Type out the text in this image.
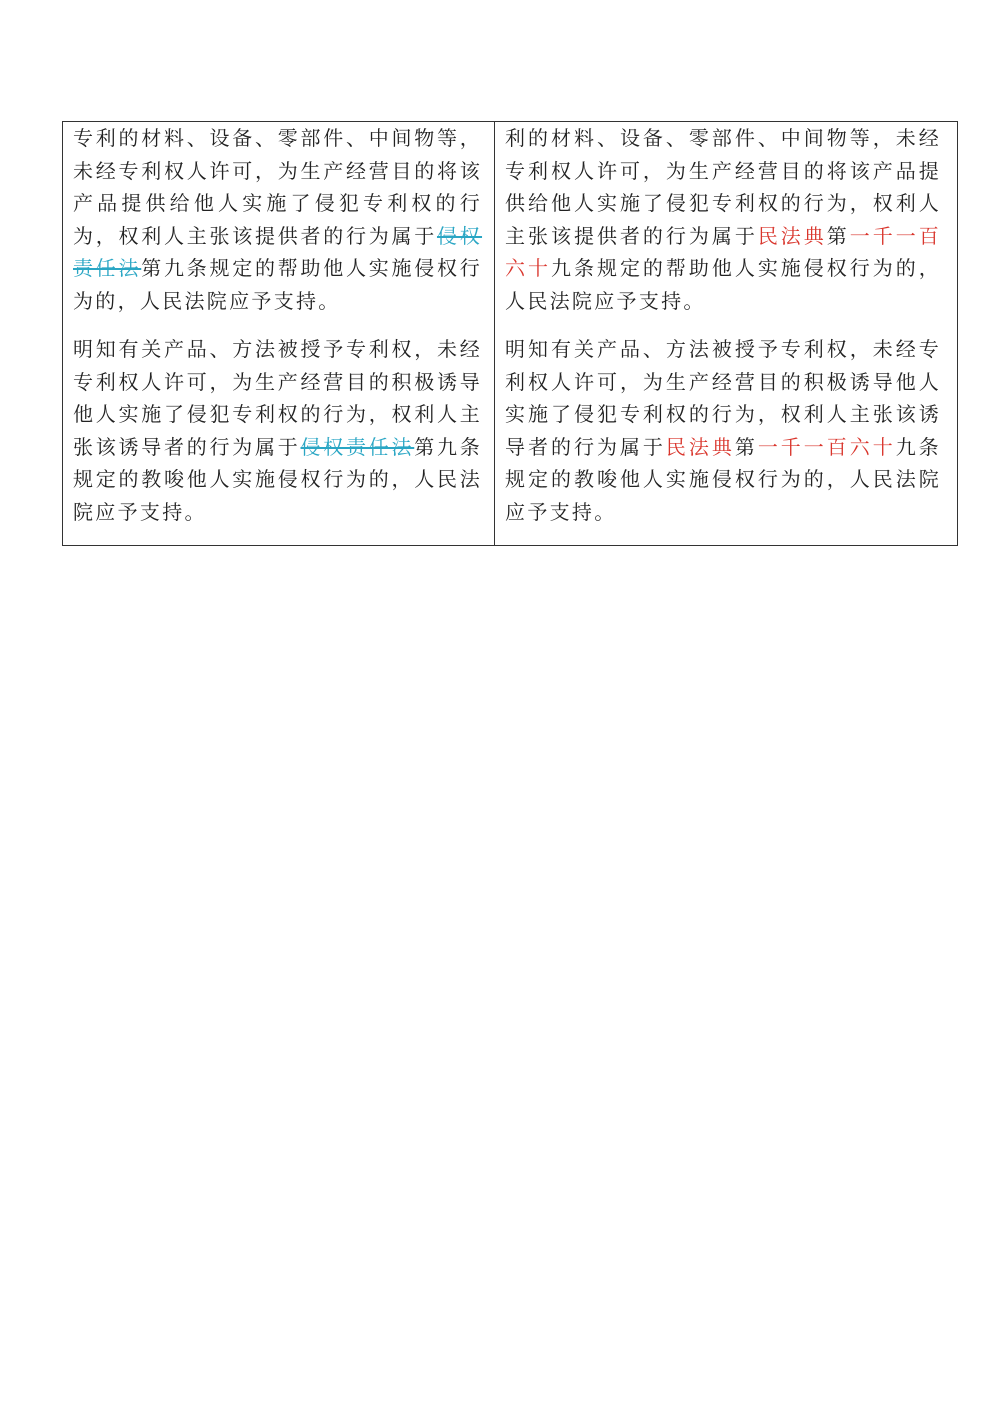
专利的材料、设备、零部件、中间物等，未经专利权人许可，为生产经营目的将该产品提供给他人实施了侵犯专利权的行为，权利人主张该提供者的行为属于侵权责任法第九条规定的帮助他人实施侵权行为的，人民法院应予支持。

明知有关产品、方法被授予专利权，未经专利权人许可，为生产经营目的积极诱导他人实施了侵犯专利权的行为，权利人主张该诱导者的行为属于侵权责任法第九条规定的教唆他人实施侵权行为的，人民法院应予支持。

利的材料、设备、零部件、中间物等，未经专利权人许可，为生产经营目的将该产品提供给他人实施了侵犯专利权的行为，权利人主张该提供者的行为属于民法典第一千一百六十九条规定的帮助他人实施侵权行为的，人民法院应予支持。

明知有关产品、方法被授予专利权，未经专利权人许可，为生产经营目的积极诱导他人实施了侵犯专利权的行为，权利人主张该诱导者的行为属于民法典第一千一百六十九条规定的教唆他人实施侵权行为的，人民法院应予支持。
